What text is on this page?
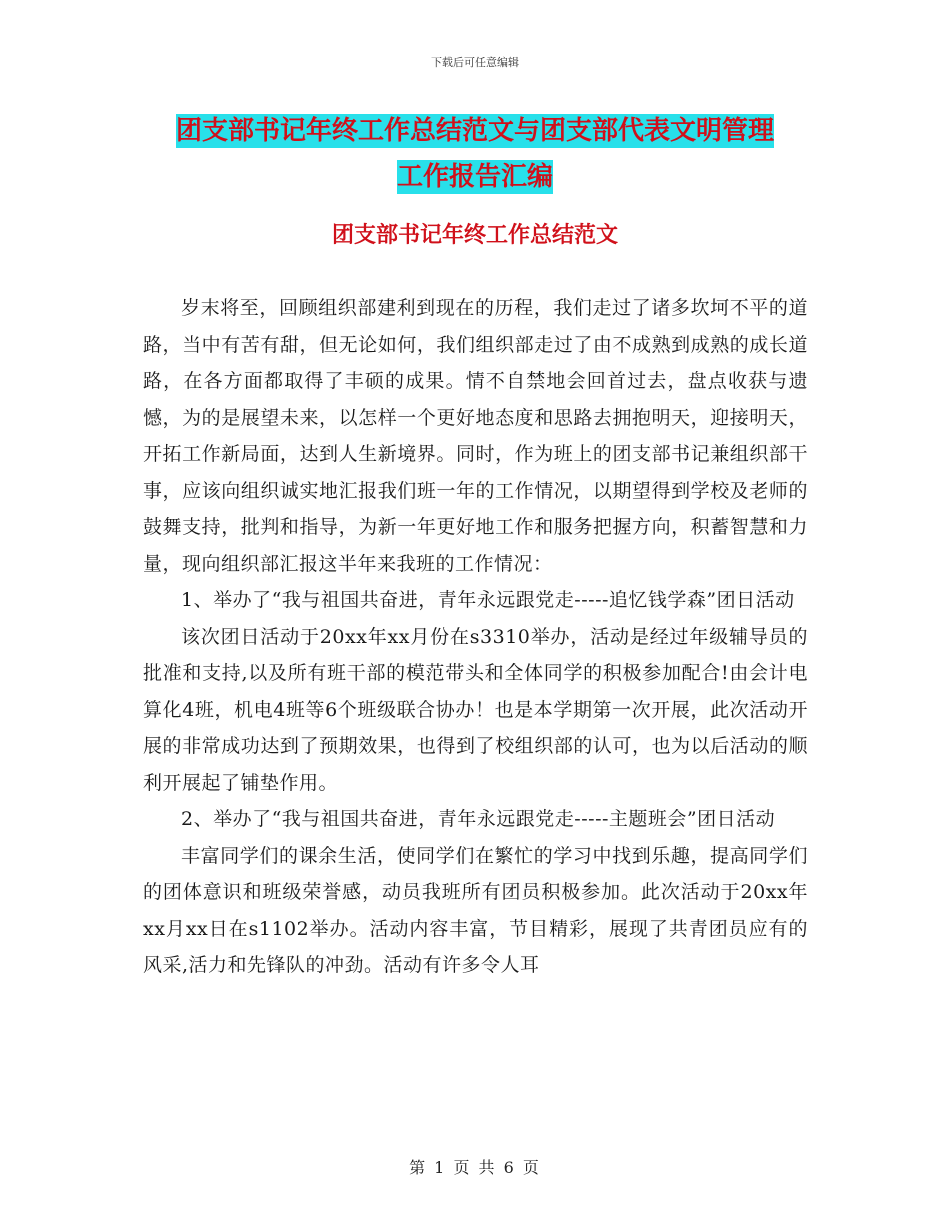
下载后可任意编辑
团支部书记年终工作总结范文与团支部代表文明管理
工作报告汇编
团支部书记年终工作总结范文

岁末将至，回顾组织部建利到现在的历程，我们走过了诸多坎坷不平的道路，当中有苦有甜，但无论如何，我们组织部走过了由不成熟到成熟的成长道路，在各方面都取得了丰硕的成果。情不自禁地会回首过去，盘点收获与遗憾，为的是展望未来，以怎样一个更好地态度和思路去拥抱明天，迎接明天，开拓工作新局面，达到人生新境界。同时，作为班上的团支部书记兼组织部干事，应该向组织诚实地汇报我们班一年的工作情况，以期望得到学校及老师的鼓舞支持，批判和指导，为新一年更好地工作和服务把握方向，积蓄智慧和力量，现向组织部汇报这半年来我班的工作情况：

1、举办了“我与祖国共奋进，青年永远跟党走-----追忆钱学森”团日活动

该次团日活动于20xx年xx月份在s3310举办，活动是经过年级辅导员的批准和支持,以及所有班干部的模范带头和全体同学的积极参加配合!由会计电算化4班，机电4班等6个班级联合协办！也是本学期第一次开展，此次活动开展的非常成功达到了预期效果，也得到了校组织部的认可，也为以后活动的顺利开展起了铺垫作用。

2、举办了“我与祖国共奋进，青年永远跟党走-----主题班会”团日活动

丰富同学们的课余生活，使同学们在繁忙的学习中找到乐趣，提高同学们的团体意识和班级荣誉感，动员我班所有团员积极参加。此次活动于20xx年xx月xx日在s1102举办。活动内容丰富，节目精彩，展现了共青团员应有的风采,活力和先锋队的冲劲。活动有许多令人耳

第 1 页 共 6 页
